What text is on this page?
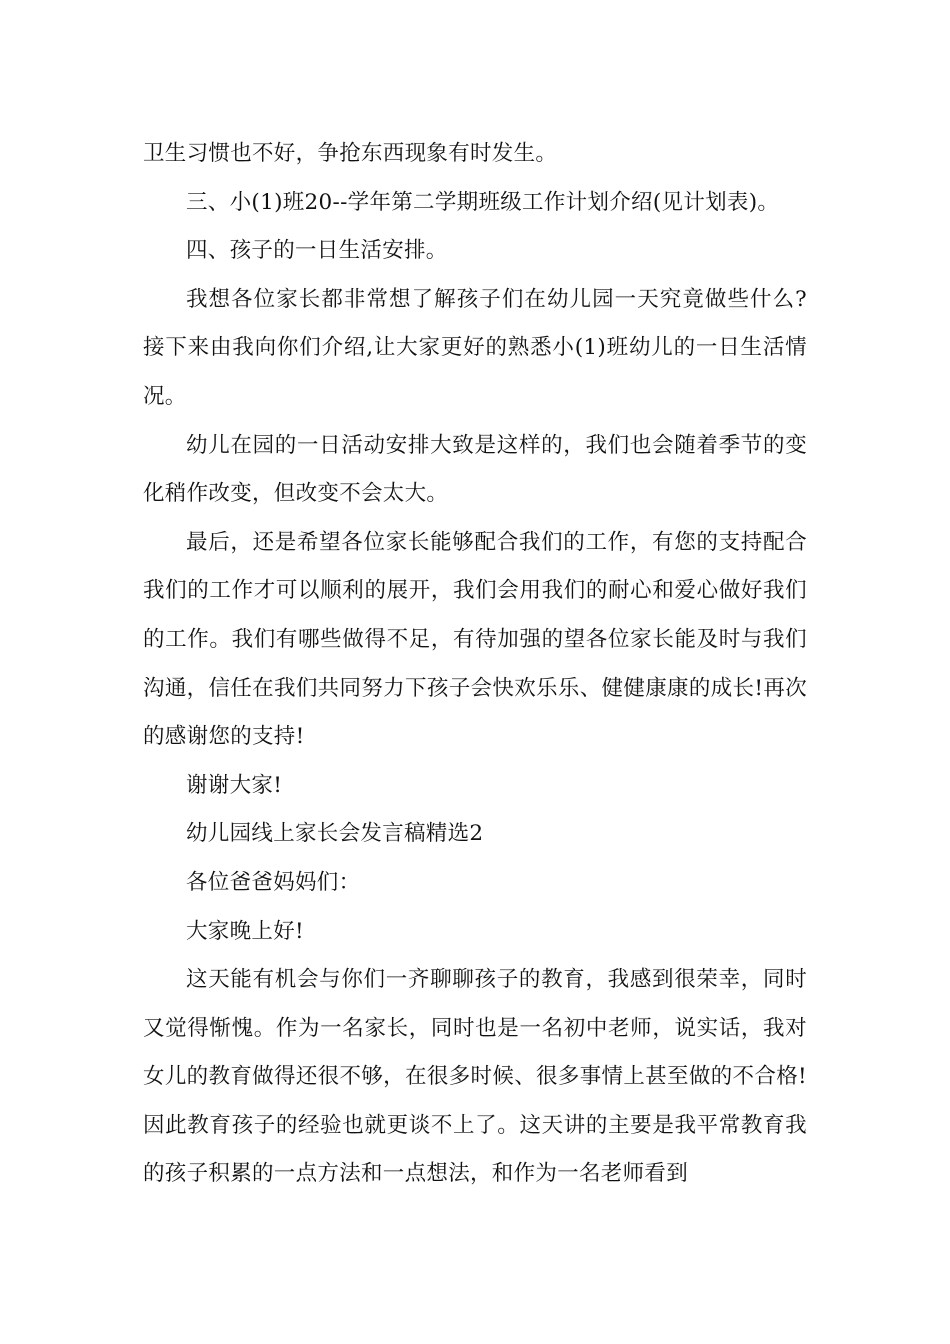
卫生习惯也不好，争抢东西现象有时发生。

三、小(1)班20--学年第二学期班级工作计划介绍(见计划表)。

四、孩子的一日生活安排。

我想各位家长都非常想了解孩子们在幼儿园一天究竟做些什么?接下来由我向你们介绍,让大家更好的熟悉小(1)班幼儿的一日生活情况。

幼儿在园的一日活动安排大致是这样的，我们也会随着季节的变化稍作改变，但改变不会太大。

最后，还是希望各位家长能够配合我们的工作，有您的支持配合我们的工作才可以顺利的展开，我们会用我们的耐心和爱心做好我们的工作。我们有哪些做得不足，有待加强的望各位家长能及时与我们沟通，信任在我们共同努力下孩子会快欢乐乐、健健康康的成长!再次的感谢您的支持!

谢谢大家!

幼儿园线上家长会发言稿精选2

各位爸爸妈妈们：

大家晚上好!

这天能有机会与你们一齐聊聊孩子的教育，我感到很荣幸，同时又觉得惭愧。作为一名家长，同时也是一名初中老师，说实话，我对女儿的教育做得还很不够，在很多时候、很多事情上甚至做的不合格!因此教育孩子的经验也就更谈不上了。这天讲的主要是我平常教育我的孩子积累的一点方法和一点想法，和作为一名老师看到
